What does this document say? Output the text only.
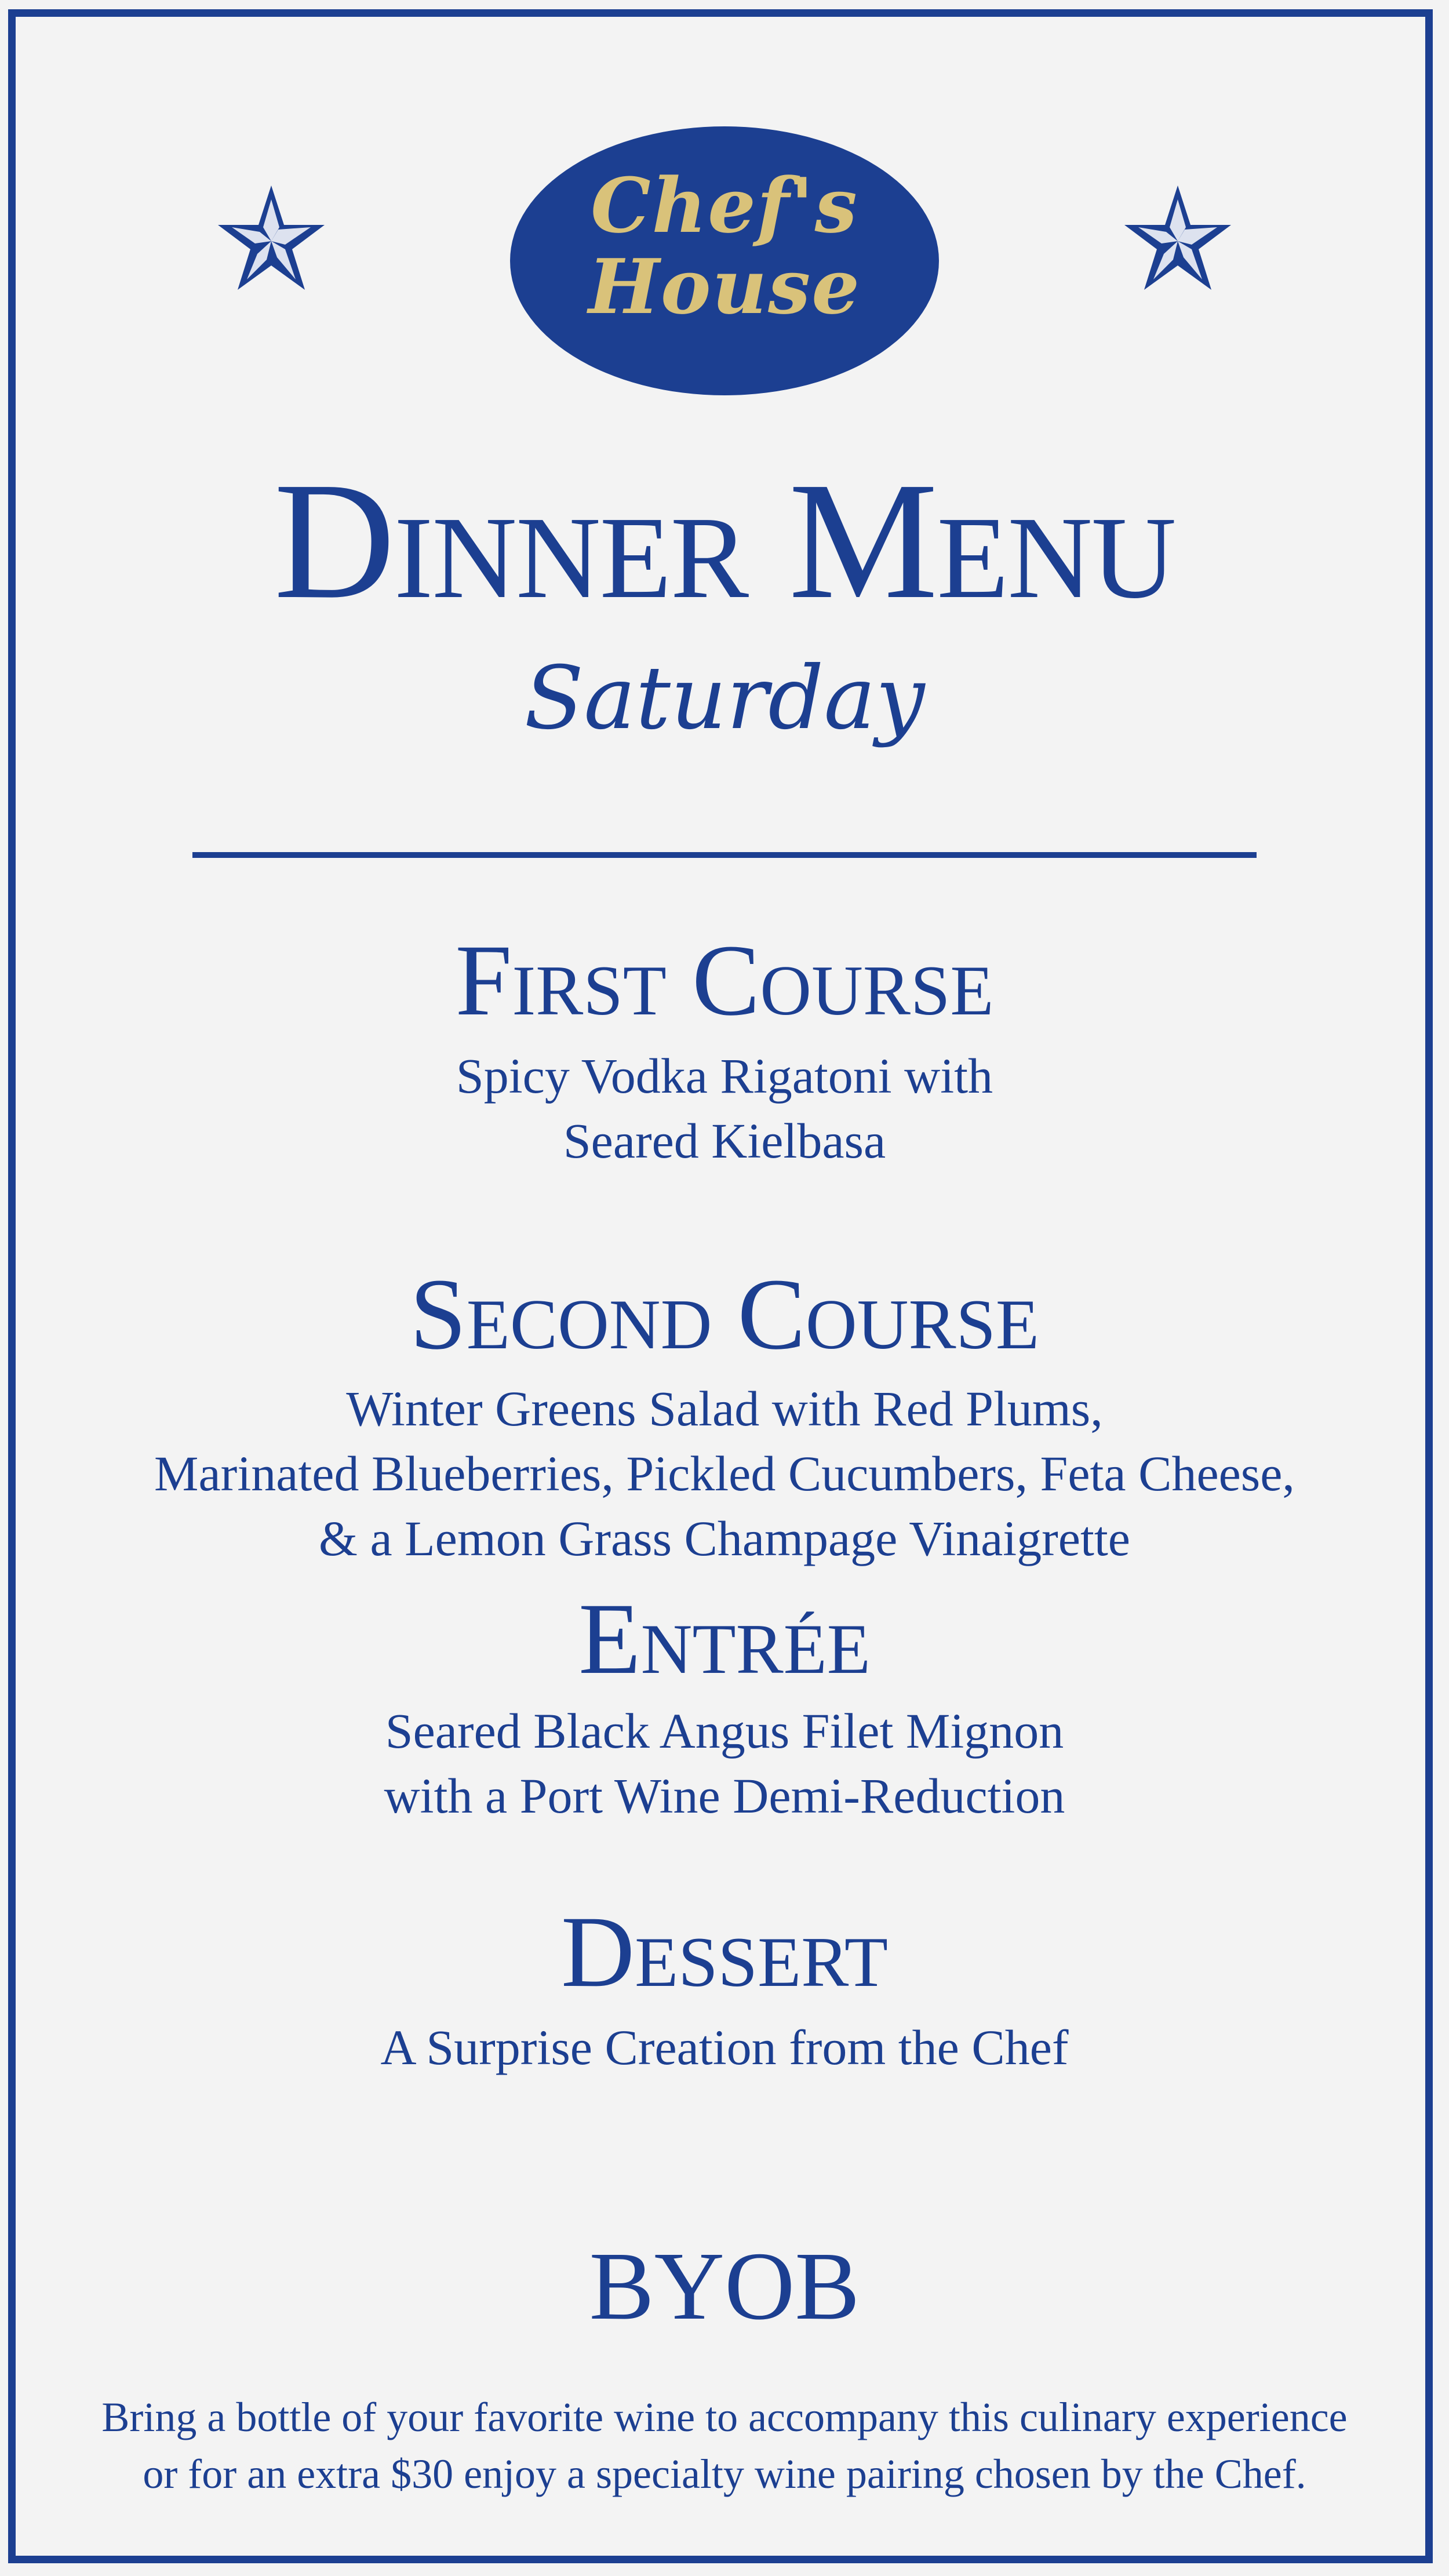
Chef's
House
Dinner Menu
Saturday
First Course
Spicy Vodka Rigatoni with
Seared Kielbasa
Second Course
Winter Greens Salad with Red Plums,
Marinated Blueberries, Pickled Cucumbers, Feta Cheese,
& a Lemon Grass Champage Vinaigrette
Entrée
Seared Black Angus Filet Mignon
with a Port Wine Demi-Reduction
Dessert
A Surprise Creation from the Chef
BYOB
Bring a bottle of your favorite wine to accompany this culinary experience
or for an extra $30 enjoy a specialty wine pairing chosen by the Chef.
